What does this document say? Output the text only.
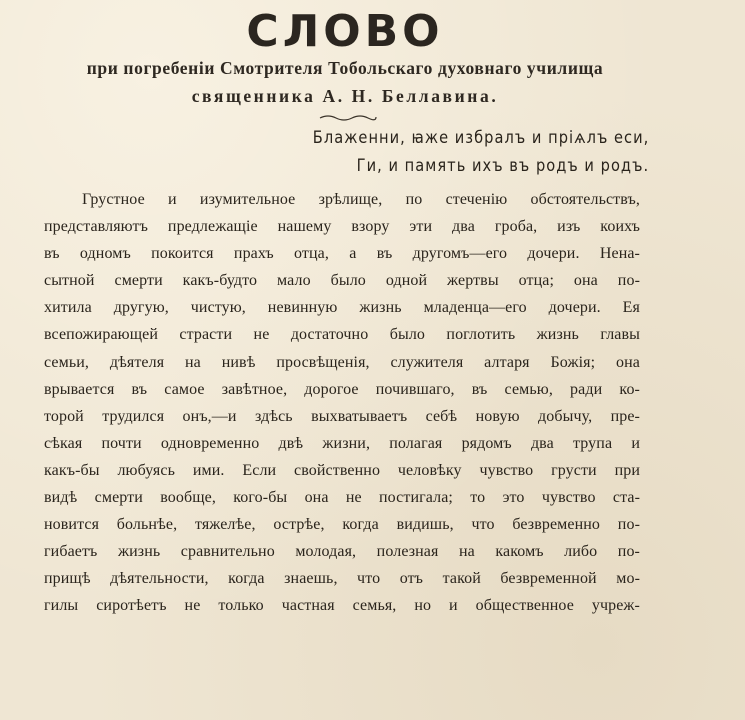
СЛОВО
при погребеніи Смотрителя Тобольскаго духовнаго училища
священника А. Н. Беллавина.
Блаженни, ꙗже избралъ и пріѧлъ еси,
Ги, и память ихъ въ родъ и родъ.
Грустное и изумительное зрѣлище, по стеченію обстоятельствъ,
представляютъ предлежащіе нашему взору эти два гроба, изъ коихъ
въ одномъ покоится прахъ отца, а въ другомъ—его дочери. Нена-
сытной смерти какъ-будто мало было одной жертвы отца; она по-
хитила другую, чистую, невинную жизнь младенца—его дочери. Ея
всепожирающей страсти не достаточно было поглотить жизнь главы
семьи, дѣятеля на нивѣ просвѣщенія, служителя алтаря Божія; она
врывается въ самое завѣтное, дорогое почившаго, въ семью, ради ко-
торой трудился онъ,—и здѣсь выхватываетъ себѣ новую добычу, пре-
сѣкая почти одновременно двѣ жизни, полагая рядомъ два трупа и
какъ-бы любуясь ими. Если свойственно человѣку чувство грусти при
видѣ смерти вообще, кого-бы она не постигала; то это чувство ста-
новится больнѣе, тяжелѣе, острѣе, когда видишь, что безвременно по-
гибаетъ жизнь сравнительно молодая, полезная на какомъ либо по-
прищѣ дѣятельности, когда знаешь, что отъ такой безвременной мо-
гилы сиротѣетъ не только частная семья, но и общественное учреж-
